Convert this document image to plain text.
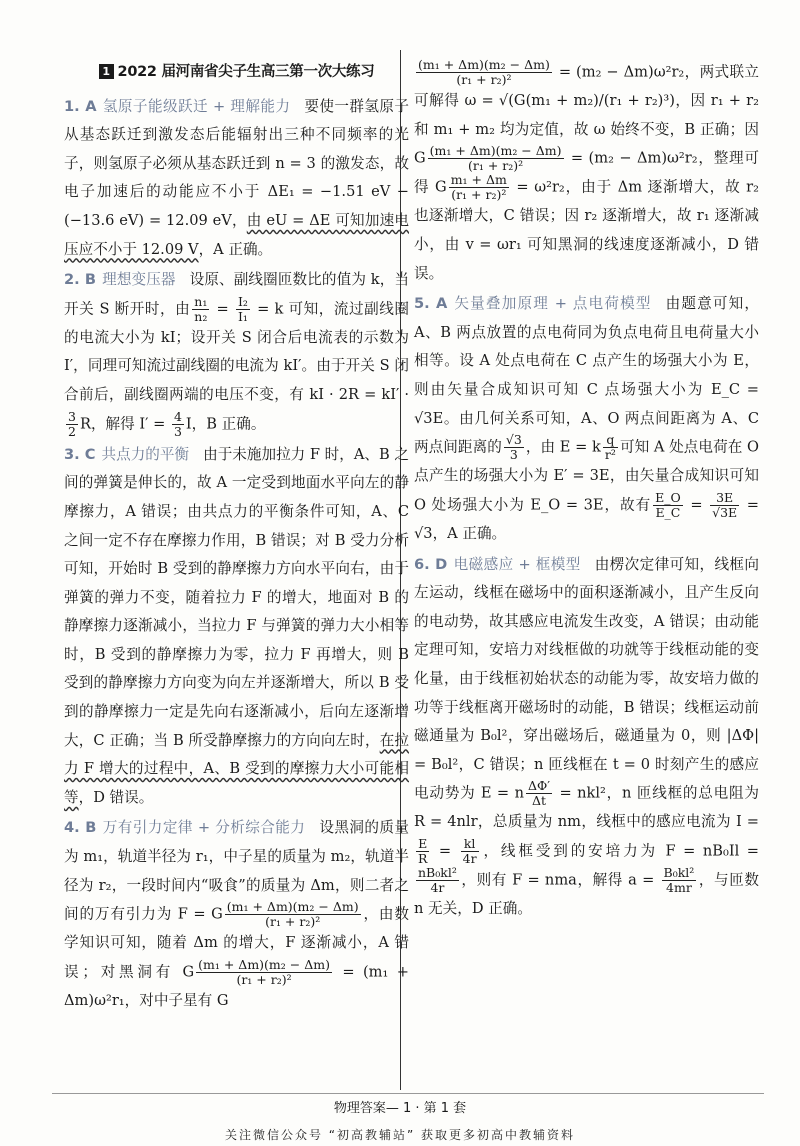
1 2022 届河南省尖子生高三第一次大练习

1. A 氢原子能级跃迁 + 理解能力 要使一群氢原子从基态跃迁到激发态后能辐射出三种不同频率的光子，则氢原子必须从基态跃迁到 n = 3 的激发态，故电子加速后的动能应不小于 ΔE₁ = −1.51 eV − (−13.6 eV) = 12.09 eV，由 eU = ΔE 可知加速电压应不小于 12.09 V，A 正确。

2. B 理想变压器 设原、副线圈匝数比的值为 k，当开关 S 断开时，由 $\frac{\text{n₁}}{\text{n₂}} = \frac{\text{I₂}}{\text{I₁}} = k$ 可知，流过副线圈的电流大小为 kI；设开关 S 闭合后电流表的示数为 I′，同理可知流过副线圈的电流为 kI′。由于开关 S 闭合前后，副线圈两端的电压不变，有 kI · 2R = kI′ ·
$\frac{3}{2}$ R，解得 $I' = \frac{4}{3}$ I，B 正确。

3. C 共点力的平衡 由于未施加拉力 F 时，A、B 之间的弹簧是伸长的，故 A 一定受到地面水平向左的静摩擦力，A 错误；由共点力的平衡条件可知，A、C 之间一定不存在摩擦力作用，B 错误；对 B 受力分析可知，开始时 B 受到的静摩擦力方向水平向右，由于弹簧的弹力不变，随着拉力 F 的增大，地面对 B 的静摩擦力逐渐减小，当拉力 F 与弹簧的弹力大小相等时，B 受到的静摩擦力为零，拉力 F 再增大，则 B 受到的静摩擦力方向变为向左并逐渐增大，所以 B 受到的静摩擦力一定是先向右逐渐减小，后向左逐渐增大，C 正确；当 B 所受静摩擦力的方向向左时，在拉力 F 增大的过程中，A、B 受到的摩擦力大小可能相等，D 错误。

4. B 万有引力定律 + 分析综合能力 设黑洞的质量为 m₁，轨道半径为 r₁，中子星的质量为 m₂，轨道半径为 r₂，一段时间内“吸食”的质量为 Δm，则二者之间的万有引力为 F = G $\frac{\text{(m₁ + Δm)(m₂ − Δm)}}{\text{(r₁ + r₂)²}}$ ，由数学知识可知，随着 Δm 的增大，F 逐渐减小，A 错误；对黑洞有 G $\frac{\text{(m₁ + Δm)(m₂ − Δm)}}{\text{(r₁ + r₂)²}} = (m_1 + \Delta m)\omega^2r_1$，对中子星有 G

$\frac{\text{(m₁ + Δm)(m₂ − Δm)}}{\text{(r₁ + r₂)²}} = (m_2 - \Delta m)\omega^2r_2$，两式联立可解得 ω = √(G(m₁ + m₂)/(r₁ + r₂)³)，因 r₁ + r₂ 和 m₁ + m₂ 均为定值，故 ω 始终不变，B 正确；因 G $\frac{\text{(m₁ + Δm)(m₂ − Δm)}}{\text{(r₁ + r₂)²}} = (m_2 - \Delta m)\omega^2r_2$，整理可得 G $\frac{\text{m₁ + Δm}}{\text{(r₁ + r₂)²}} = \omega^2r_2$，由于 Δm 逐渐增大，故 r₂ 也逐渐增大，C 错误；因 r₂ 逐渐增大，故 r₁ 逐渐减小，由 v = ωr₁ 可知黑洞的线速度逐渐减小，D 错误。

5. A 矢量叠加原理 + 点电荷模型 由题意可知，A、B 两点放置的点电荷同为负点电荷且电荷量大小相等。设 A 处点电荷在 C 点产生的场强大小为 E，则由矢量合成知识可知 C 点场强大小为 E_C = √3E。由几何关系可知，A、O 两点间距离为 A、C 两点间距离的 $\frac{√3}{3}$ ，由 E = k $\frac{q}{\text{r²}}$ 可知 A 处点电荷在 O 点产生的场强大小为 E′ = 3E，由矢量合成知识可知 O 处场强大小为 E_O = 3E，故有 $\frac{E\_O}{E\_C} = \frac{3E}{√3E} = √3$，A 正确。

6. D 电磁感应 + 框模型 由楞次定律可知，线框向左运动，线框在磁场中的面积逐渐减小，且产生反向的电动势，故其感应电流发生改变，A 错误；由动能定理可知，安培力对线框做的功就等于线框动能的变化量，由于线框初始状态的动能为零，故安培力做的功等于线框离开磁场时的动能，B 错误；线框运动前磁通量为 B₀l²，穿出磁场后，磁通量为 0，则 |ΔΦ| = B₀l²，C 错误；n 匝线框在 t = 0 时刻产生的感应电动势为 E = n $\frac{\Delta\Phi'}{\Delta t} = nkl^2$，n 匝线框的总电阻为 R = 4nlr，总质量为 nm，线框中的感应电流为 I =
$\frac{E}{R} = \frac{kl}{4r}$ ，线框受到的安培力为 F = nB₀Il =
$\frac{\text{nB₀kl²}}{4r}$ ，则有 F = nma，解得 $a = \frac{\text{B₀kl²}}{4mr}$ ，与匝数 n 无关，D 正确。

物理答案— 1 · 第 1 套
关注微信公众号 “初高教辅站” 获取更多初高中教辅资料
